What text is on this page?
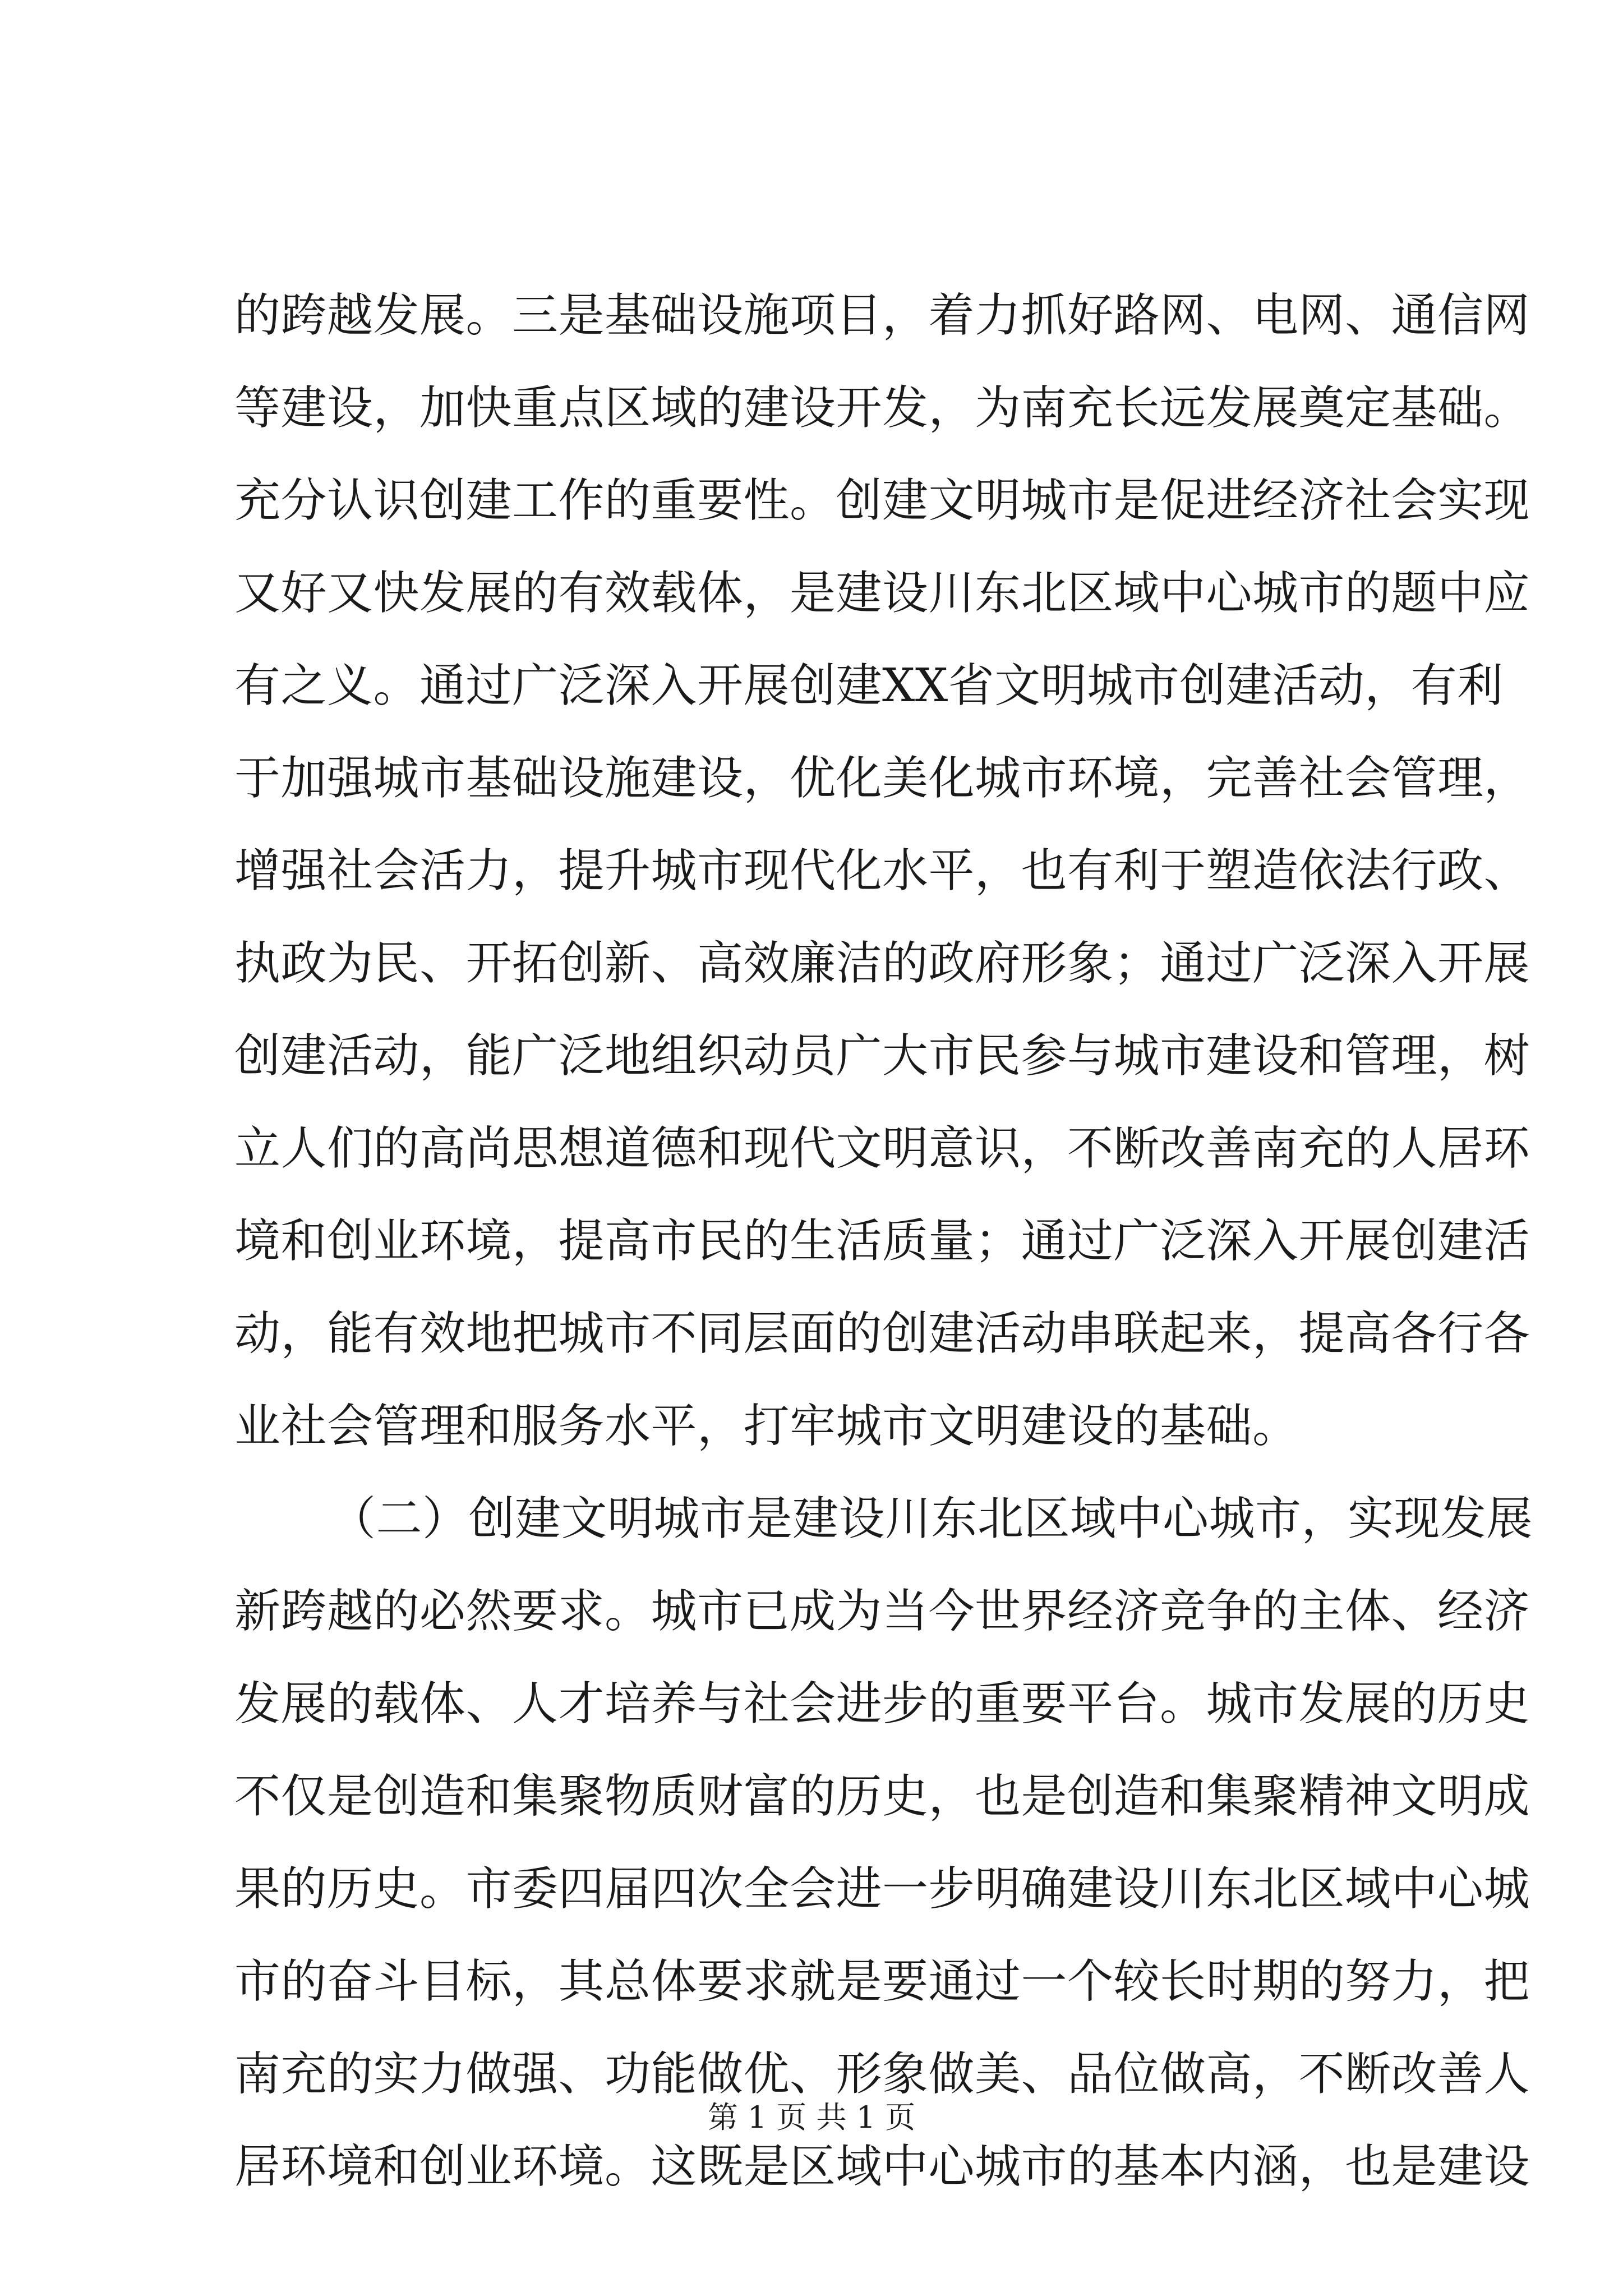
的跨越发展。三是基础设施项目，着力抓好路网、电网、通信网
等建设，加快重点区域的建设开发，为南充长远发展奠定基础。
充分认识创建工作的重要性。创建文明城市是促进经济社会实现
又好又快发展的有效载体，是建设川东北区域中心城市的题中应
有之义。通过广泛深入开展创建XX省文明城市创建活动，有利
于加强城市基础设施建设，优化美化城市环境，完善社会管理，
增强社会活力，提升城市现代化水平，也有利于塑造依法行政、
执政为民、开拓创新、高效廉洁的政府形象；通过广泛深入开展
创建活动，能广泛地组织动员广大市民参与城市建设和管理，树
立人们的高尚思想道德和现代文明意识，不断改善南充的人居环
境和创业环境，提高市民的生活质量；通过广泛深入开展创建活
动，能有效地把城市不同层面的创建活动串联起来，提高各行各
业社会管理和服务水平，打牢城市文明建设的基础。
（二）创建文明城市是建设川东北区域中心城市，实现发展
新跨越的必然要求。城市已成为当今世界经济竞争的主体、经济
发展的载体、人才培养与社会进步的重要平台。城市发展的历史
不仅是创造和集聚物质财富的历史，也是创造和集聚精神文明成
果的历史。市委四届四次全会进一步明确建设川东北区域中心城
市的奋斗目标，其总体要求就是要通过一个较长时期的努力，把
南充的实力做强、功能做优、形象做美、品位做高，不断改善人
居环境和创业环境。这既是区域中心城市的基本内涵，也是建设
第 1 页 共 1 页
